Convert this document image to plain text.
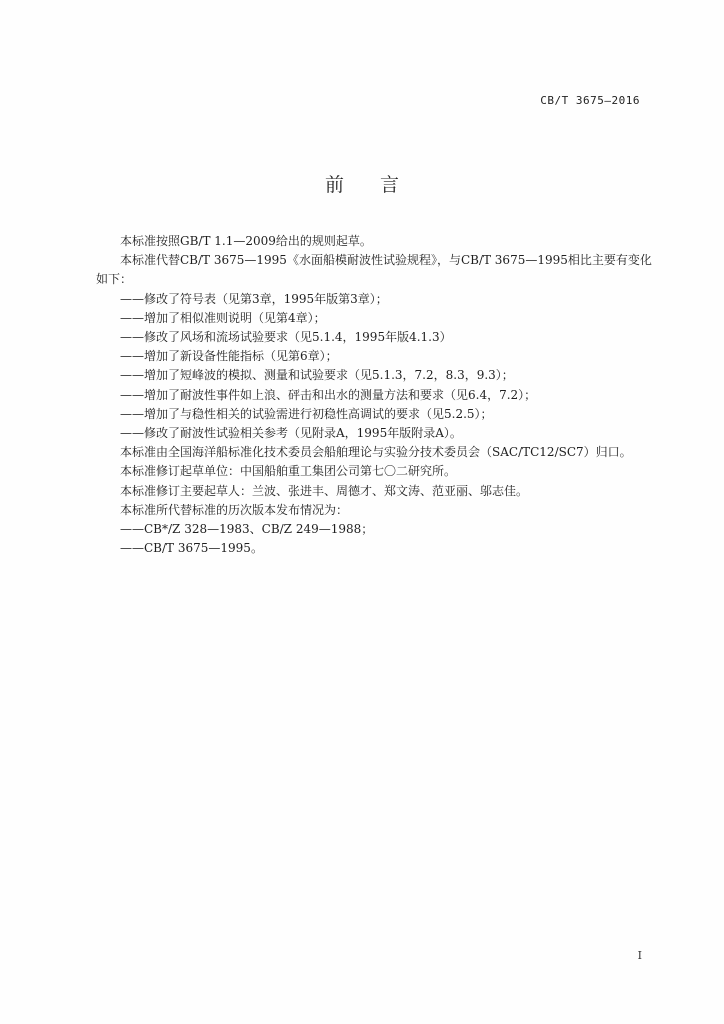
CB/T 3675—2016
前言

本标准按照GB/T 1.1—2009给出的规则起草。

本标准代替CB/T 3675—1995《水面船模耐波性试验规程》，与CB/T 3675—1995相比主要有变化如下：

——修改了符号表（见第3章，1995年版第3章）；

——增加了相似准则说明（见第4章）；

——修改了风场和流场试验要求（见5.1.4，1995年版4.1.3）

——增加了新设备性能指标（见第6章）；

——增加了短峰波的模拟、测量和试验要求（见5.1.3，7.2，8.3，9.3）；

——增加了耐波性事件如上浪、砰击和出水的测量方法和要求（见6.4，7.2）；

——增加了与稳性相关的试验需进行初稳性高调试的要求（见5.2.5）；

——修改了耐波性试验相关参考（见附录A，1995年版附录A）。

本标准由全国海洋船标准化技术委员会船舶理论与实验分技术委员会（SAC/TC12/SC7）归口。

本标准修订起草单位：中国船舶重工集团公司第七〇二研究所。

本标准修订主要起草人：兰波、张进丰、周德才、郑文涛、范亚丽、邬志佳。

本标准所代替标准的历次版本发布情况为：

——CB*/Z 328—1983、CB/Z 249—1988；

——CB/T 3675—1995。

I
